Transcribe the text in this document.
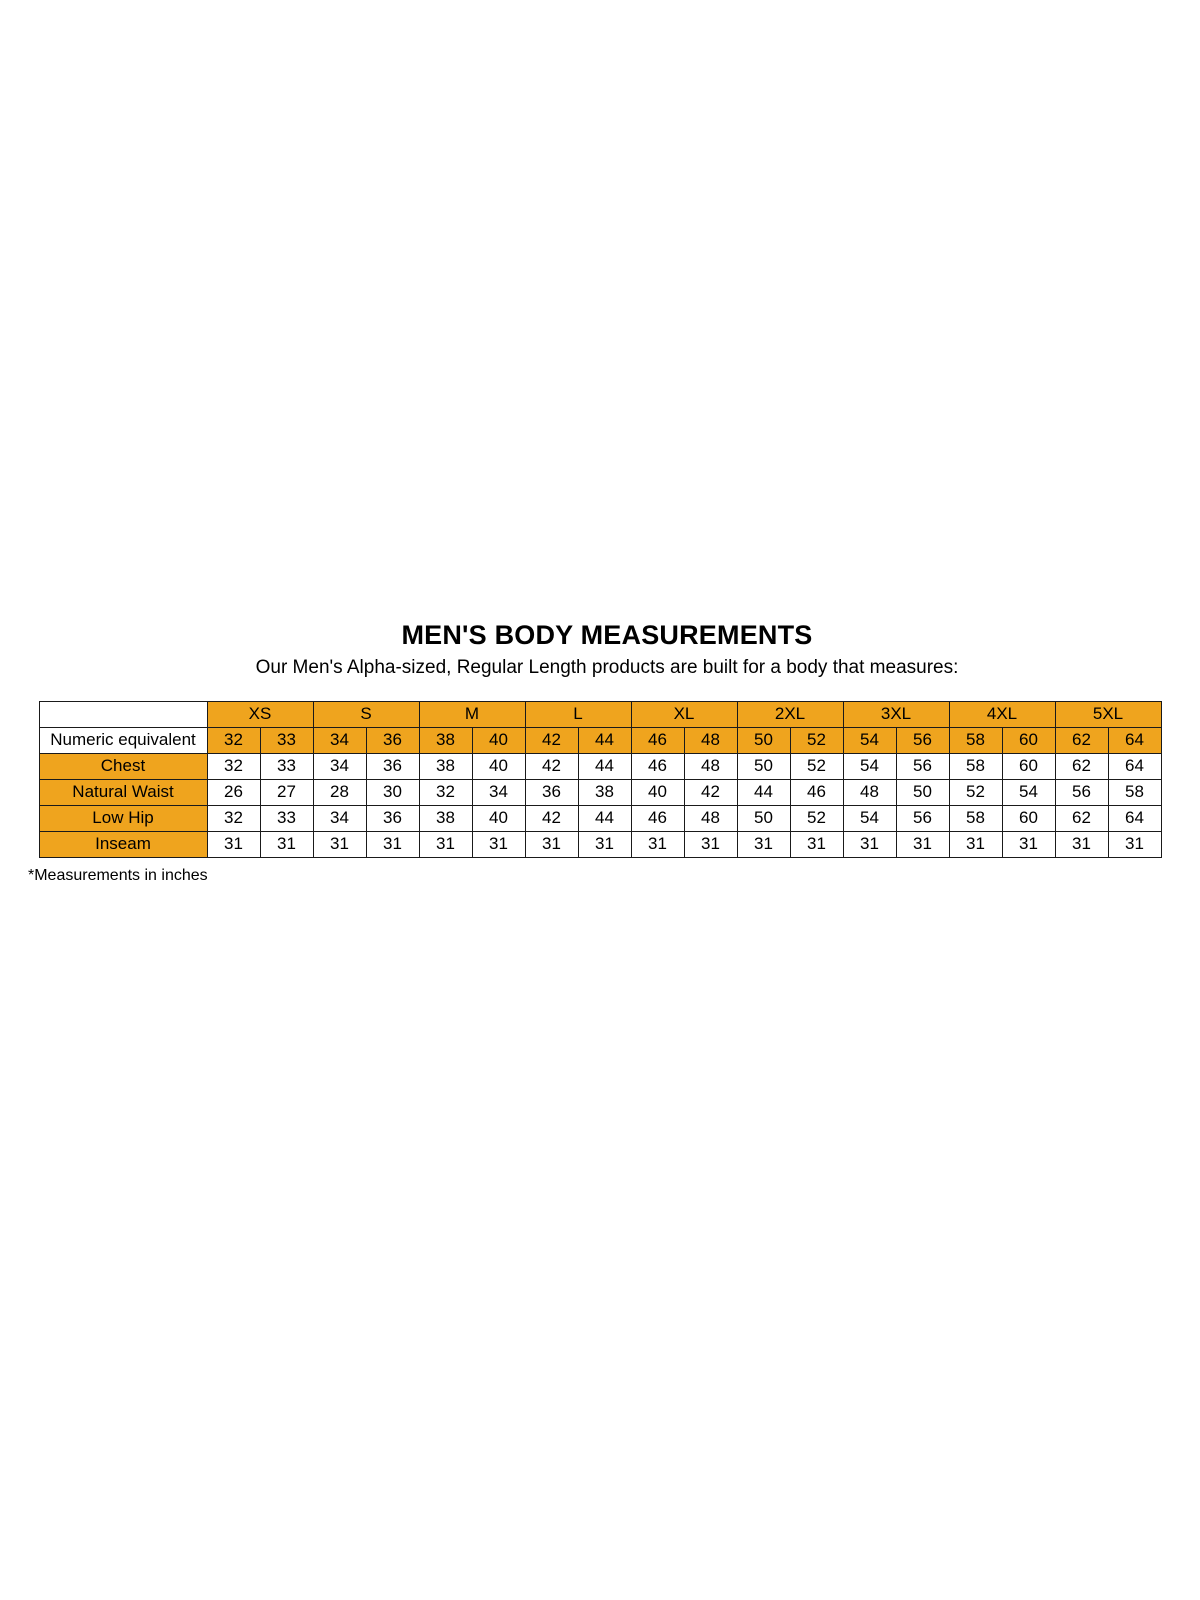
MEN'S BODY MEASUREMENTS

Our Men's Alpha-sized, Regular Length products are built for a body that measures:

	XS		S		M		L		XL		2XL		3XL		4XL		5XL	
Numeric equivalent	32	33	34	36	38	40	42	44	46	48	50	52	54	56	58	60	62	64
Chest	32	33	34	36	38	40	42	44	46	48	50	52	54	56	58	60	62	64
Natural Waist	26	27	28	30	32	34	36	38	40	42	44	46	48	50	52	54	56	58
Low Hip	32	33	34	36	38	40	42	44	46	48	50	52	54	56	58	60	62	64
Inseam	31	31	31	31	31	31	31	31	31	31	31	31	31	31	31	31	31	31
*Measurements in inches
